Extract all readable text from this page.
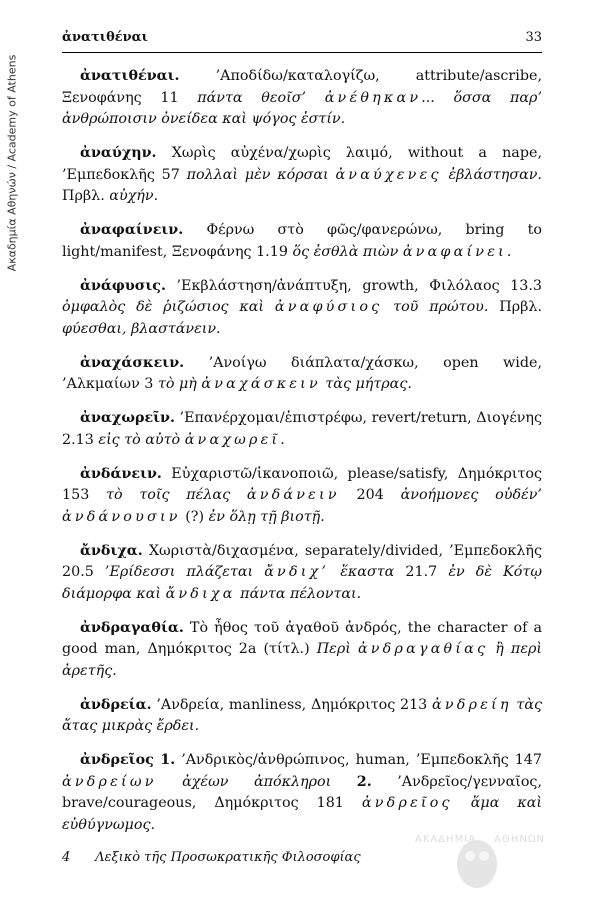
Ακαδημία Αθηνών / Academy of Athens
ἀνατιθέναι	33

ἀνατιθέναι. ’Αποδίδω/καταλογίζω, attribute/ascribe, Ξενοφάνης 11 πάντα θεοῖσ’ ἀνέθηκαν... ὅσσα παρ’ ἀνθρώποισιν ὀνείδεα καὶ ψόγος ἐστίν.

ἀναύχην. Χωρὶς αὐχένα/χωρὶς λαιμό, without a nape, ’Εμπεδοκλῆς 57 πολλαὶ μὲν κόρσαι ἀναύχενες ἐβλάστησαν. Πρβλ. αὐχήν.

ἀναφαίνειν. Φέρνω στὸ φῶς/φανερώνω, bring to light/manifest, Ξενοφάνης 1.19 ὅς ἐσθλὰ πιὼν ἀναφαίνει.

ἀνάφυσις. ’Εκβλάστηση/ἀνάπτυξη, growth, Φιλόλαος 13.3 ὀμφαλὸς δὲ ῥιζώσιος καὶ ἀναφύσιος τοῦ πρώτου. Πρβλ. φύεσθαι, βλαστάνειν.

ἀναχάσκειν. ’Ανοίγω διάπλατα/χάσκω, open wide, ’Αλκμαίων 3 τὸ μὴ ἀναχάσκειν τὰς μήτρας.

ἀναχωρεῖν. ’Επανέρχομαι/ἐπιστρέφω, revert/return, Διογένης 2.13 εἰς τὸ αὐτὸ ἀναχωρεῖ.

ἀνδάνειν. Εὐχαριστῶ/ἱκανοποιῶ, please/satisfy, Δημόκριτος 153 τὸ τοῖς πέλας ἀνδάνειν 204 ἀνοήμονες οὐδέν’ ἀνδάνουσιν (?) ἐν ὅλῃ τῇ βιοτῇ.

ἄνδιχα. Χωριστὰ/διχασμένα, separately/divided, ’Εμπεδοκλῆς 20.5 ’Ερίδεσσι πλάζεται ἄνδιχ’ ἕκαστα 21.7 ἐν δὲ Κότῳ διάμορφα καὶ ἄνδιχα πάντα πέλονται.

ἀνδραγαθία. Τὸ ἦθος τοῦ ἀγαθοῦ ἀνδρός, the character of a good man, Δημόκριτος 2a (τίτλ.) Περὶ ἀνδραγαθίας ἢ περὶ ἀρετῆς.

ἀνδρεία. ’Ανδρεία, manliness, Δημόκριτος 213 ἀνδρείη τὰς ἄτας μικρὰς ἔρδει.

ἀνδρεῖος 1. ’Ανδρικὸς/ἀνθρώπινος, human, ’Εμπεδοκλῆς 147 ἀνδρείων ἀχέων ἀπόκληροι 2. ’Ανδρεῖος/γενναῖος, brave/courageous, Δημόκριτος 181 ἀνδρεῖος ἅμα καὶ εὐθύγνωμος.

4 Λεξικὸ τῆς Προσωκρατικῆς Φιλοσοφίας
ΑΚΑΔΗΜΙΑ ΑΘΗΝΩΝ
